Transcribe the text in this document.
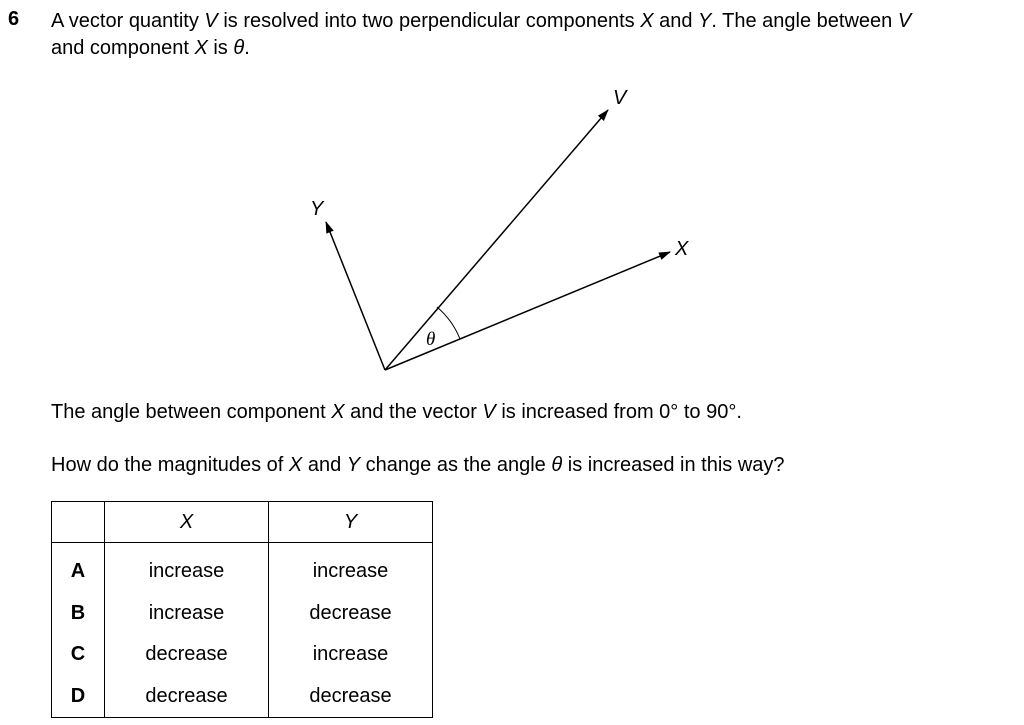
6 A vector quantity V is resolved into two perpendicular components X and Y. The angle between V
and component X is θ.
V
X
Y
θ
The angle between component X and the vector V is increased from 0° to 90°.
How do the magnitudes of X and Y change as the angle θ is increased in this way?
	X	Y
A	increase	increase
B	increase	decrease
C	decrease	increase
D	decrease	decrease
